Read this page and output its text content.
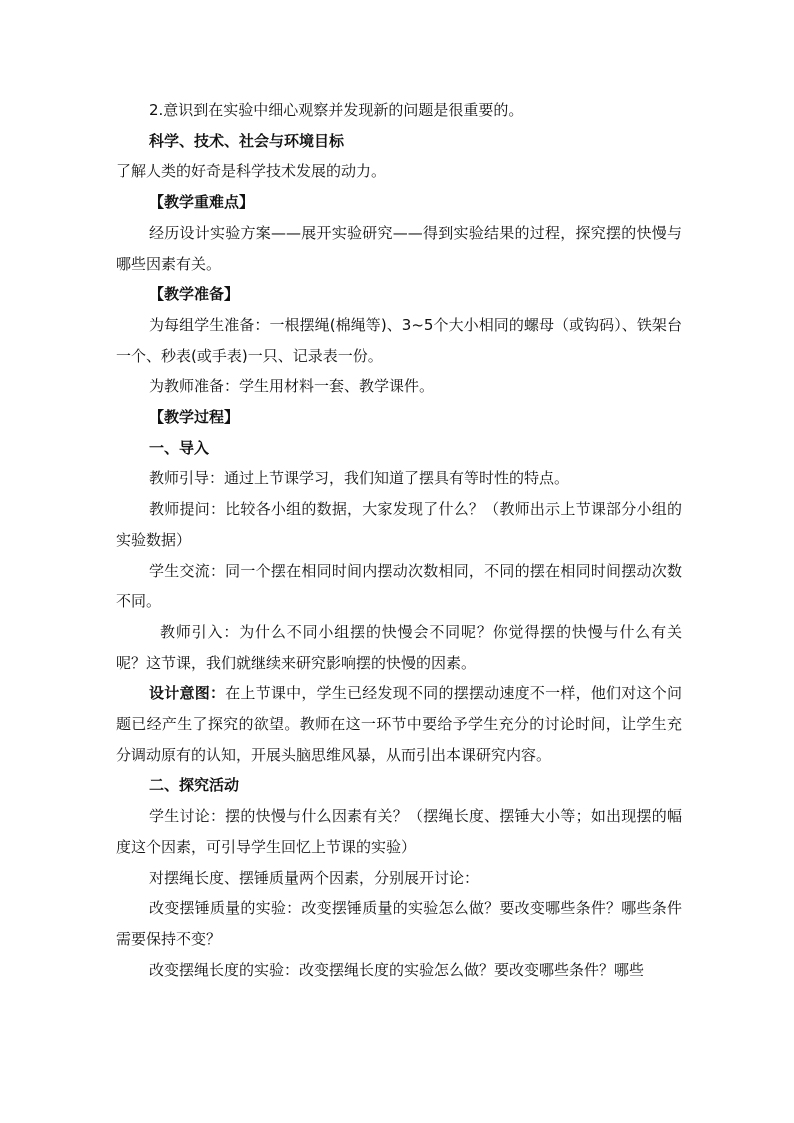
2.意识到在实验中细心观察并发现新的问题是很重要的。

科学、技术、社会与环境目标

了解人类的好奇是科学技术发展的动力。

【教学重难点】

经历设计实验方案——展开实验研究——得到实验结果的过程，探究摆的快慢与哪些因素有关。

【教学准备】

为每组学生准备：一根摆绳(棉绳等)、3~5个大小相同的螺母（或钩码）、铁架台一个、秒表(或手表)一只、记录表一份。

为教师准备：学生用材料一套、教学课件。

【教学过程】

一、导入

教师引导：通过上节课学习，我们知道了摆具有等时性的特点。

教师提问：比较各小组的数据，大家发现了什么？（教师出示上节课部分小组的实验数据）

学生交流：同一个摆在相同时间内摆动次数相同，不同的摆在相同时间摆动次数不同。

教师引入：为什么不同小组摆的快慢会不同呢？你觉得摆的快慢与什么有关呢？这节课，我们就继续来研究影响摆的快慢的因素。

设计意图：在上节课中，学生已经发现不同的摆摆动速度不一样，他们对这个问题已经产生了探究的欲望。教师在这一环节中要给予学生充分的讨论时间，让学生充分调动原有的认知，开展头脑思维风暴，从而引出本课研究内容。

二、探究活动

学生讨论：摆的快慢与什么因素有关？（摆绳长度、摆锤大小等；如出现摆的幅度这个因素，可引导学生回忆上节课的实验）

对摆绳长度、摆锤质量两个因素，分别展开讨论：

改变摆锤质量的实验：改变摆锤质量的实验怎么做？要改变哪些条件？哪些条件需要保持不变？

改变摆绳长度的实验：改变摆绳长度的实验怎么做？要改变哪些条件？哪些
